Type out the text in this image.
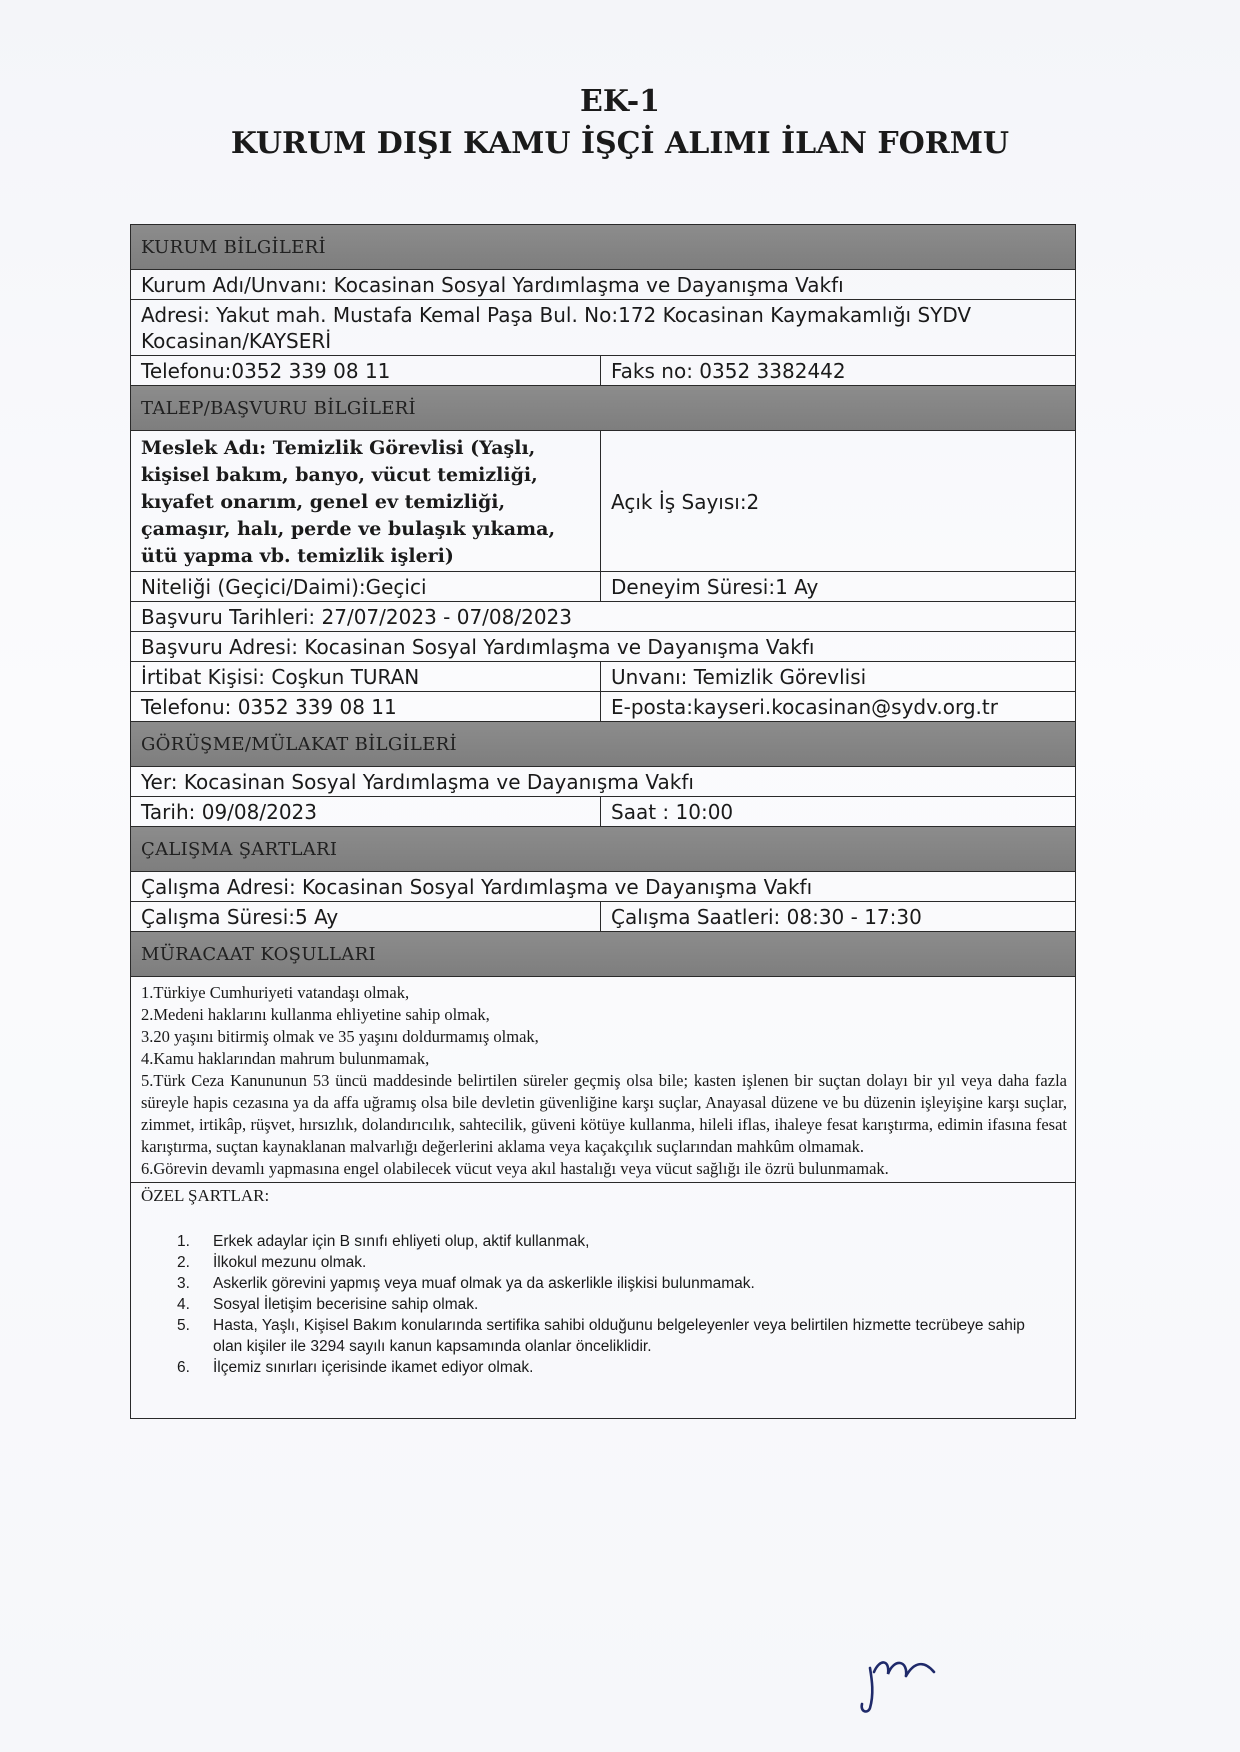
EK-1
KURUM DIŞI KAMU İŞÇİ ALIMI İLAN FORMU
KURUM BİLGİLERİ
Kurum Adı/Unvanı: Kocasinan Sosyal Yardımlaşma ve Dayanışma Vakfı
Adresi: Yakut mah. Mustafa Kemal Paşa Bul. No:172 Kocasinan Kaymakamlığı SYDV
Kocasinan/KAYSERİ
Telefonu:0352 339 08 11	Faks no: 0352 3382442
TALEP/BAŞVURU BİLGİLERİ
Meslek Adı: Temizlik Görevlisi (Yaşlı,
kişisel bakım, banyo, vücut temizliği,
kıyafet onarım, genel ev temizliği,
çamaşır, halı, perde ve bulaşık yıkama,
ütü yapma vb. temizlik işleri)
Açık İş Sayısı:2
Niteliği (Geçici/Daimi):Geçici	Deneyim Süresi:1 Ay
Başvuru Tarihleri: 27/07/2023 - 07/08/2023
Başvuru Adresi: Kocasinan Sosyal Yardımlaşma ve Dayanışma Vakfı
İrtibat Kişisi: Coşkun TURAN	Unvanı: Temizlik Görevlisi
Telefonu: 0352 339 08 11	E-posta:kayseri.kocasinan@sydv.org.tr
GÖRÜŞME/MÜLAKAT BİLGİLERİ
Yer: Kocasinan Sosyal Yardımlaşma ve Dayanışma Vakfı
Tarih: 09/08/2023	Saat : 10:00
ÇALIŞMA ŞARTLARI
Çalışma Adresi: Kocasinan Sosyal Yardımlaşma ve Dayanışma Vakfı
Çalışma Süresi:5 Ay	Çalışma Saatleri: 08:30 - 17:30
MÜRACAAT KOŞULLARI
1.Türkiye Cumhuriyeti vatandaşı olmak,
2.Medeni haklarını kullanma ehliyetine sahip olmak,
3.20 yaşını bitirmiş olmak ve 35 yaşını doldurmamış olmak,
4.Kamu haklarından mahrum bulunmamak,
5.Türk Ceza Kanununun 53 üncü maddesinde belirtilen süreler geçmiş olsa bile; kasten işlenen bir suçtan dolayı bir yıl veya daha fazla süreyle hapis cezasına ya da affa uğramış olsa bile devletin güvenliğine karşı suçlar, Anayasal düzene ve bu düzenin işleyişine karşı suçlar, zimmet, irtikâp, rüşvet, hırsızlık, dolandırıcılık, sahtecilik, güveni kötüye kullanma, hileli iflas, ihaleye fesat karıştırma, edimin ifasına fesat karıştırma, suçtan kaynaklanan malvarlığı değerlerini aklama veya kaçakçılık suçlarından mahkûm olmamak.
6.Görevin devamlı yapmasına engel olabilecek vücut veya akıl hastalığı veya vücut sağlığı ile özrü bulunmamak.
ÖZEL ŞARTLAR:
1.	Erkek adaylar için B sınıfı ehliyeti olup, aktif kullanmak,
2.	İlkokul mezunu olmak.
3.	Askerlik görevini yapmış veya muaf olmak ya da askerlikle ilişkisi bulunmamak.
4.	Sosyal İletişim becerisine sahip olmak.
5.	Hasta, Yaşlı, Kişisel Bakım konularında sertifika sahibi olduğunu belgeleyenler veya belirtilen hizmette tecrübeye sahip olan kişiler ile 3294 sayılı kanun kapsamında olanlar önceliklidir.
6.	İlçemiz sınırları içerisinde ikamet ediyor olmak.
